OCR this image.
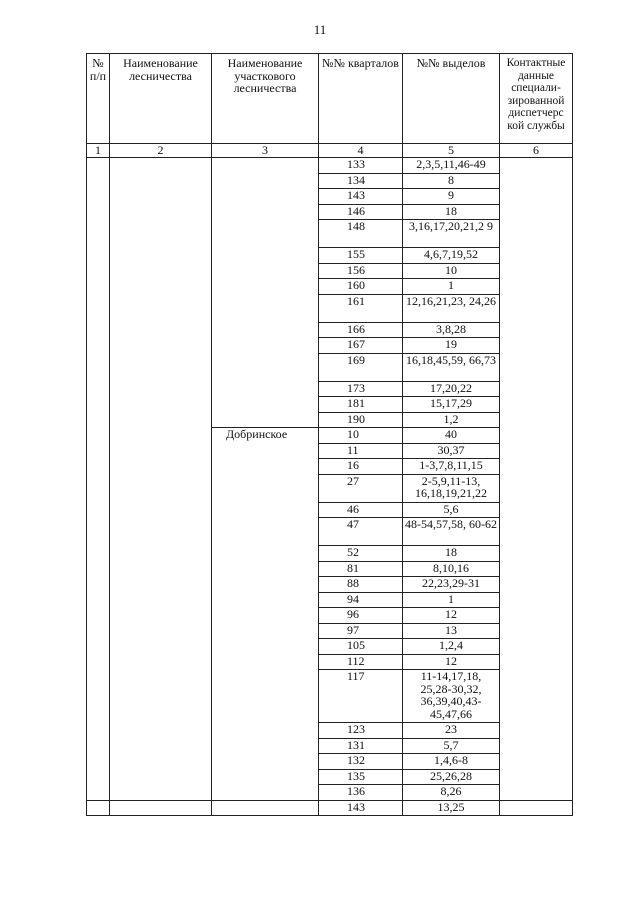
11
№ п/п	Наименование лесничества	Наименование участкового лесничества	№№ кварталов	№№ выделов	Контактные данные специали-зированной диспетчерс кой службы
1	2	3	4	5	6
			133	2,3,5,11,46-49	
			134	8	
			143	9	
			146	18	
			148	3,16,17,20,21,2 9	
			155	4,6,7,19,52	
			156	10	
			160	1	
			161	12,16,21,23, 24,26	
			166	3,8,28	
			167	19	
			169	16,18,45,59, 66,73	
			173	17,20,22	
			181	15,17,29	
			190	1,2	
		Добринское	10	40	
			11	30,37	
			16	1-3,7,8,11,15	
			27	2-5,9,11-13, 16,18,19,21,22	
			46	5,6	
			47	48-54,57,58, 60-62	
			52	18	
			81	8,10,16	
			88	22,23,29-31	
			94	1	
			96	12	
			97	13	
			105	1,2,4	
			112	12	
			117	11-14,17,18, 25,28-30,32, 36,39,40,43- 45,47,66	
			123	23	
			131	5,7	
			132	1,4,6-8	
			135	25,26,28	
			136	8,26	
			143	13,25	
